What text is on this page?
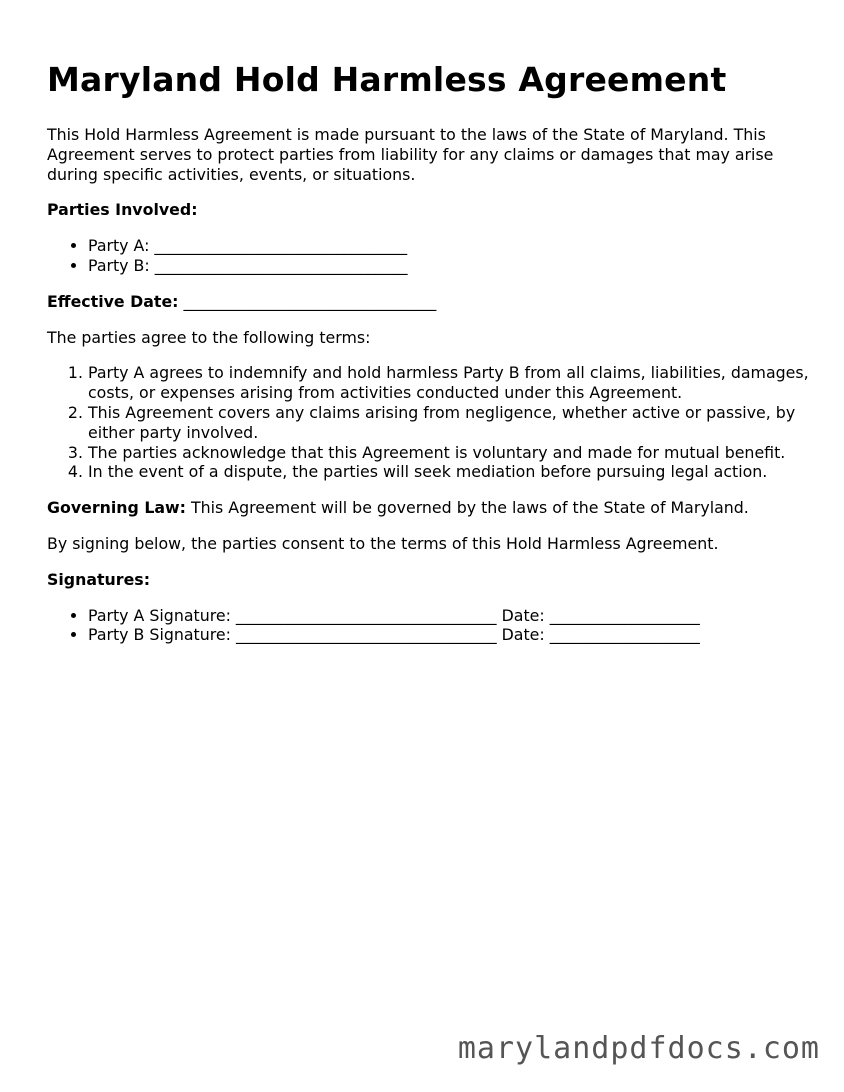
Maryland Hold Harmless Agreement

This Hold Harmless Agreement is made pursuant to the laws of the State of Maryland. This Agreement serves to protect parties from liability for any claims or damages that may arise during specific activities, events, or situations.

Parties Involved:

• Party A: ________________________________
• Party B: ________________________________

Effective Date: ________________________________

The parties agree to the following terms:

1. Party A agrees to indemnify and hold harmless Party B from all claims, liabilities, damages, costs, or expenses arising from activities conducted under this Agreement.
2. This Agreement covers any claims arising from negligence, whether active or passive, by either party involved.
3. The parties acknowledge that this Agreement is voluntary and made for mutual benefit.
4. In the event of a dispute, the parties will seek mediation before pursuing legal action.

Governing Law: This Agreement will be governed by the laws of the State of Maryland.

By signing below, the parties consent to the terms of this Hold Harmless Agreement.

Signatures:

• Party A Signature: _________________________________ Date: ___________________
• Party B Signature: _________________________________ Date: ___________________
marylandpdfdocs.com
